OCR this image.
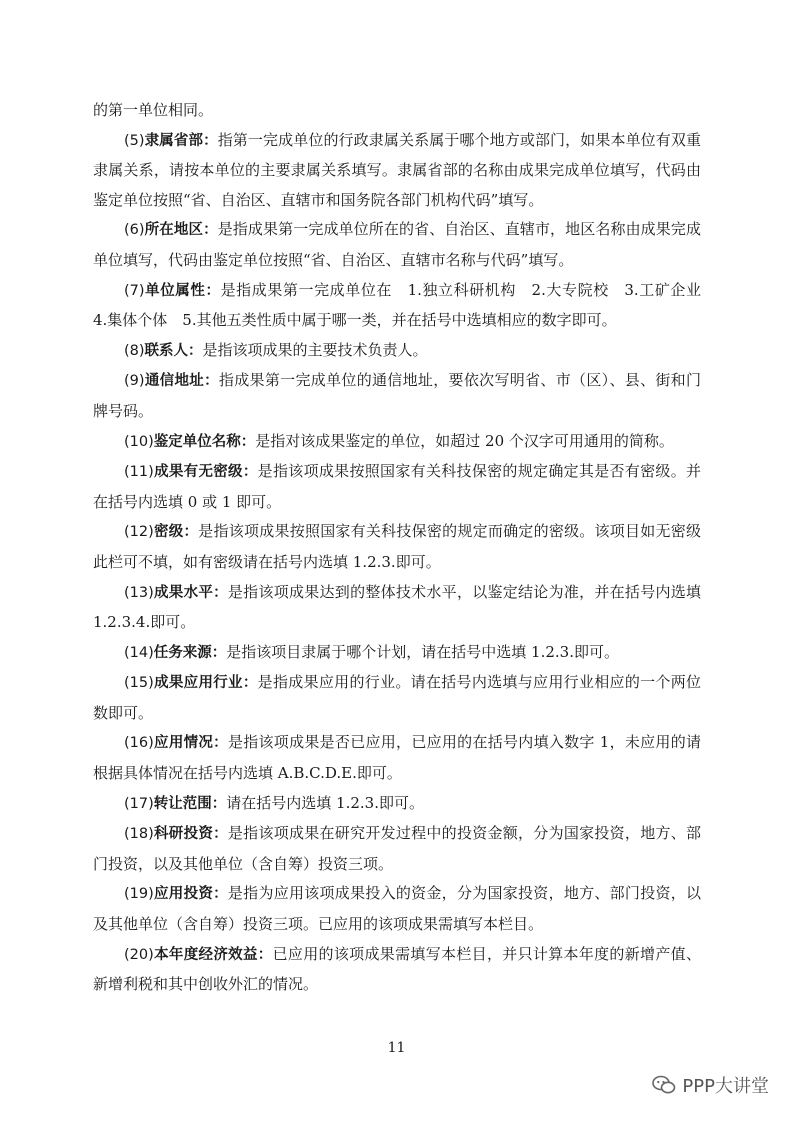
的第一单位相同。

(5)隶属省部：指第一完成单位的行政隶属关系属于哪个地方或部门，如果本单位有双重隶属关系，请按本单位的主要隶属关系填写。隶属省部的名称由成果完成单位填写，代码由鉴定单位按照“省、自治区、直辖市和国务院各部门机构代码”填写。

(6)所在地区：是指成果第一完成单位所在的省、自治区、直辖市，地区名称由成果完成单位填写，代码由鉴定单位按照“省、自治区、直辖市名称与代码”填写。

(7)单位属性：是指成果第一完成单位在　1.独立科研机构　2.大专院校　3.工矿企业　4.集体个体　5.其他五类性质中属于哪一类，并在括号中选填相应的数字即可。

(8)联系人：是指该项成果的主要技术负责人。

(9)通信地址：指成果第一完成单位的通信地址，要依次写明省、市（区）、县、街和门牌号码。

(10)鉴定单位名称：是指对该成果鉴定的单位，如超过 20 个汉字可用通用的简称。

(11)成果有无密级：是指该项成果按照国家有关科技保密的规定确定其是否有密级。并在括号内选填 0 或 1 即可。

(12)密级：是指该项成果按照国家有关科技保密的规定而确定的密级。该项目如无密级此栏可不填，如有密级请在括号内选填 1.2.3.即可。

(13)成果水平：是指该项成果达到的整体技术水平，以鉴定结论为准，并在括号内选填 1.2.3.4.即可。

(14)任务来源：是指该项目隶属于哪个计划，请在括号中选填 1.2.3.即可。

(15)成果应用行业：是指成果应用的行业。请在括号内选填与应用行业相应的一个两位数即可。

(16)应用情况：是指该项成果是否已应用，已应用的在括号内填入数字 1，未应用的请根据具体情况在括号内选填 A.B.C.D.E.即可。

(17)转让范围：请在括号内选填 1.2.3.即可。

(18)科研投资：是指该项成果在研究开发过程中的投资金额，分为国家投资，地方、部门投资，以及其他单位（含自筹）投资三项。

(19)应用投资：是指为应用该项成果投入的资金，分为国家投资，地方、部门投资，以及其他单位（含自筹）投资三项。已应用的该项成果需填写本栏目。

(20)本年度经济效益：已应用的该项成果需填写本栏目，并只计算本年度的新增产值、新增利税和其中创收外汇的情况。

11
PPP大讲堂
